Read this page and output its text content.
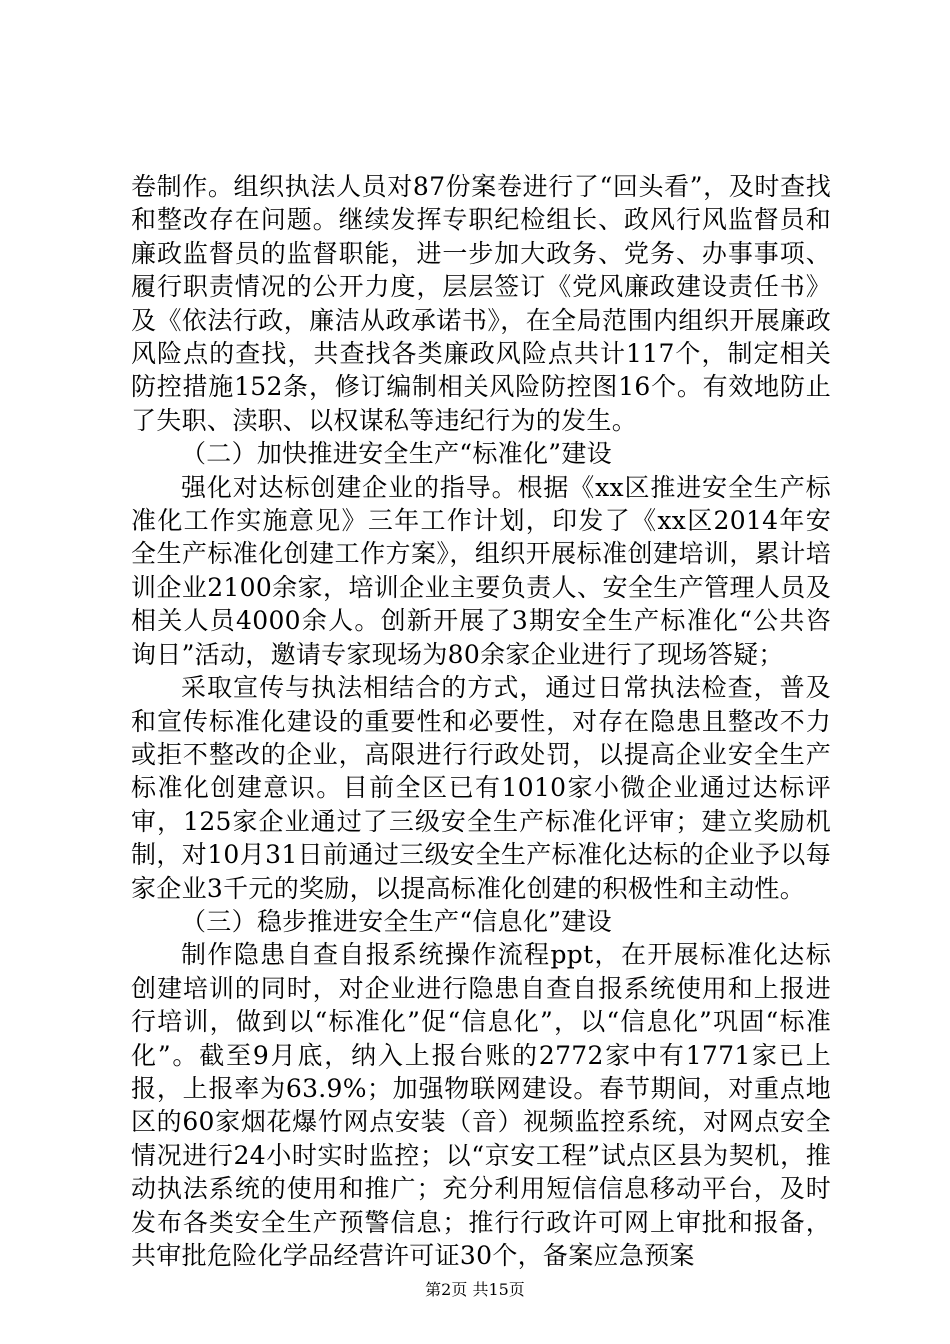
卷制作。组织执法人员对87份案卷进行了“回头看”，及时查找和整改存在问题。继续发挥专职纪检组长、政风行风监督员和廉政监督员的监督职能，进一步加大政务、党务、办事事项、履行职责情况的公开力度，层层签订《党风廉政建设责任书》及《依法行政，廉洁从政承诺书》，在全局范围内组织开展廉政风险点的查找，共查找各类廉政风险点共计117个，制定相关防控措施152条，修订编制相关风险防控图16个。有效地防止了失职、渎职、以权谋私等违纪行为的发生。

（二）加快推进安全生产“标准化”建设

强化对达标创建企业的指导。根据《xx区推进安全生产标准化工作实施意见》三年工作计划，印发了《xx区2014年安全生产标准化创建工作方案》，组织开展标准创建培训，累计培训企业2100余家，培训企业主要负责人、安全生产管理人员及相关人员4000余人。创新开展了3期安全生产标准化“公共咨询日”活动，邀请专家现场为80余家企业进行了现场答疑；

采取宣传与执法相结合的方式，通过日常执法检查，普及和宣传标准化建设的重要性和必要性，对存在隐患且整改不力或拒不整改的企业，高限进行行政处罚，以提高企业安全生产标准化创建意识。目前全区已有1010家小微企业通过达标评审，125家企业通过了三级安全生产标准化评审；建立奖励机制，对10月31日前通过三级安全生产标准化达标的企业予以每家企业3千元的奖励，以提高标准化创建的积极性和主动性。

（三）稳步推进安全生产“信息化”建设

制作隐患自查自报系统操作流程ppt，在开展标准化达标创建培训的同时，对企业进行隐患自查自报系统使用和上报进行培训，做到以“标准化”促“信息化”，以“信息化”巩固“标准化”。截至9月底，纳入上报台账的2772家中有1771家已上报，上报率为63.9%；加强物联网建设。春节期间，对重点地区的60家烟花爆竹网点安装（音）视频监控系统，对网点安全情况进行24小时实时监控；以“京安工程”试点区县为契机，推动执法系统的使用和推广；充分利用短信信息移动平台，及时发布各类安全生产预警信息；推行行政许可网上审批和报备，共审批危险化学品经营许可证30个，备案应急预案

第2页 共15页
